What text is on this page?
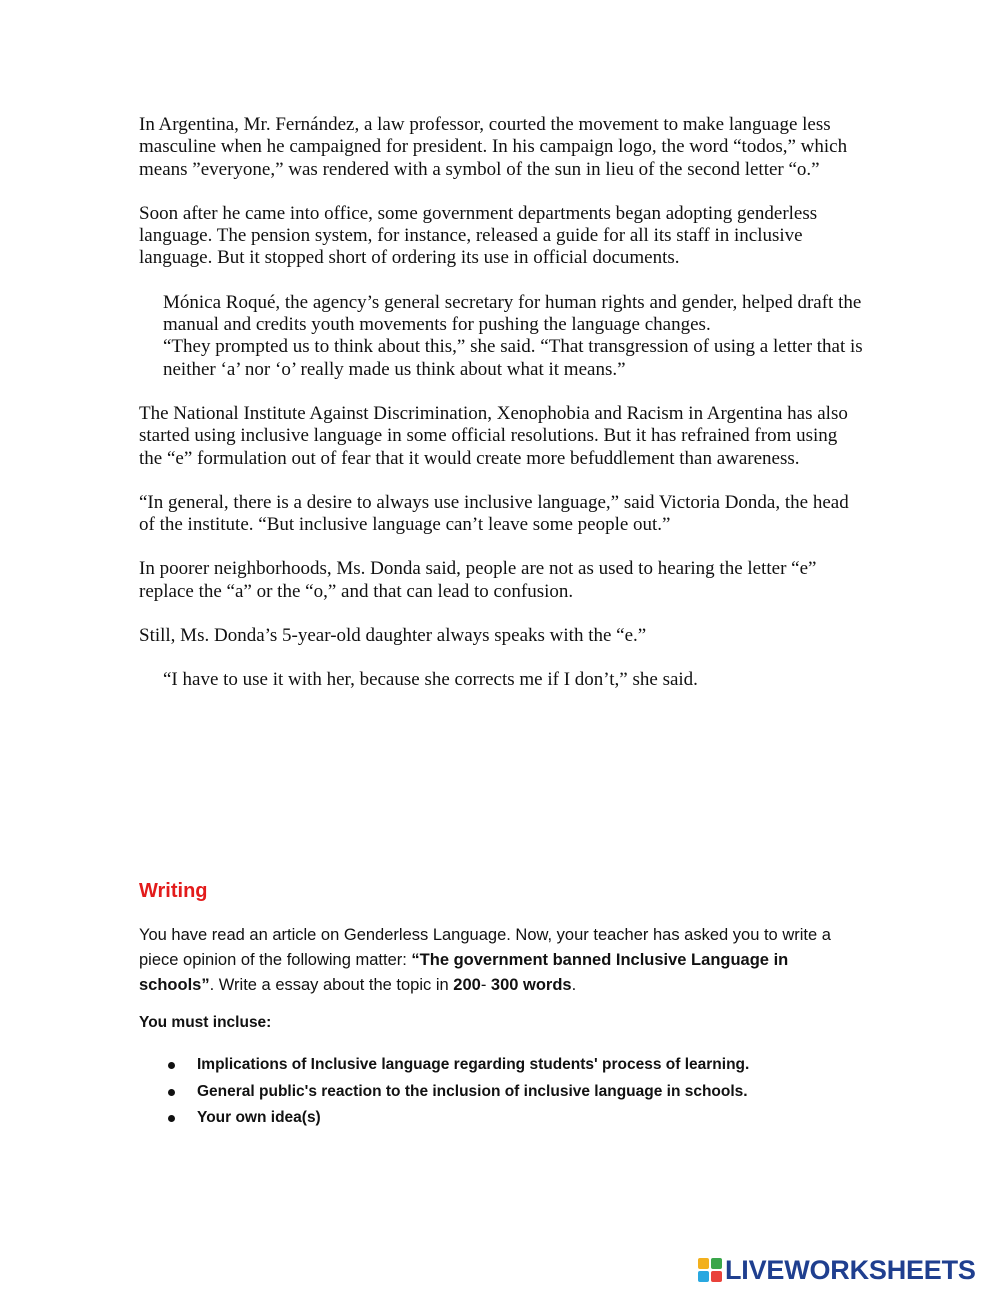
In Argentina, Mr. Fernández, a law professor, courted the movement to make language less masculine when he campaigned for president. In his campaign logo, the word “todos,” which means ”everyone,” was rendered with a symbol of the sun in lieu of the second letter “o.”

Soon after he came into office, some government departments began adopting genderless language. The pension system, for instance, released a guide for all its staff in inclusive language. But it stopped short of ordering its use in official documents.

Mónica Roqué, the agency’s general secretary for human rights and gender, helped draft the manual and credits youth movements for pushing the language changes.

“They prompted us to think about this,” she said. “That transgression of using a letter that is neither ‘a’ nor ‘o’ really made us think about what it means.”

The National Institute Against Discrimination, Xenophobia and Racism in Argentina has also started using inclusive language in some official resolutions. But it has refrained from using the “e” formulation out of fear that it would create more befuddlement than awareness.

“In general, there is a desire to always use inclusive language,” said Victoria Donda, the head of the institute. “But inclusive language can’t leave some people out.”

In poorer neighborhoods, Ms. Donda said, people are not as used to hearing the letter “e” replace the “a” or the “o,” and that can lead to confusion.

Still, Ms. Donda’s 5-year-old daughter always speaks with the “e.”

“I have to use it with her, because she corrects me if I don’t,” she said.

Writing
You have read an article on Genderless Language. Now, your teacher has asked you to write a piece opinion of the following matter: “The government banned Inclusive Language in schools”. Write a essay about the topic in 200- 300 words.
You must incluse:
Implications of Inclusive language regarding students' process of learning.
General public's reaction to the inclusion of inclusive language in schools.
Your own idea(s)
LIVEWORKSHEETS
